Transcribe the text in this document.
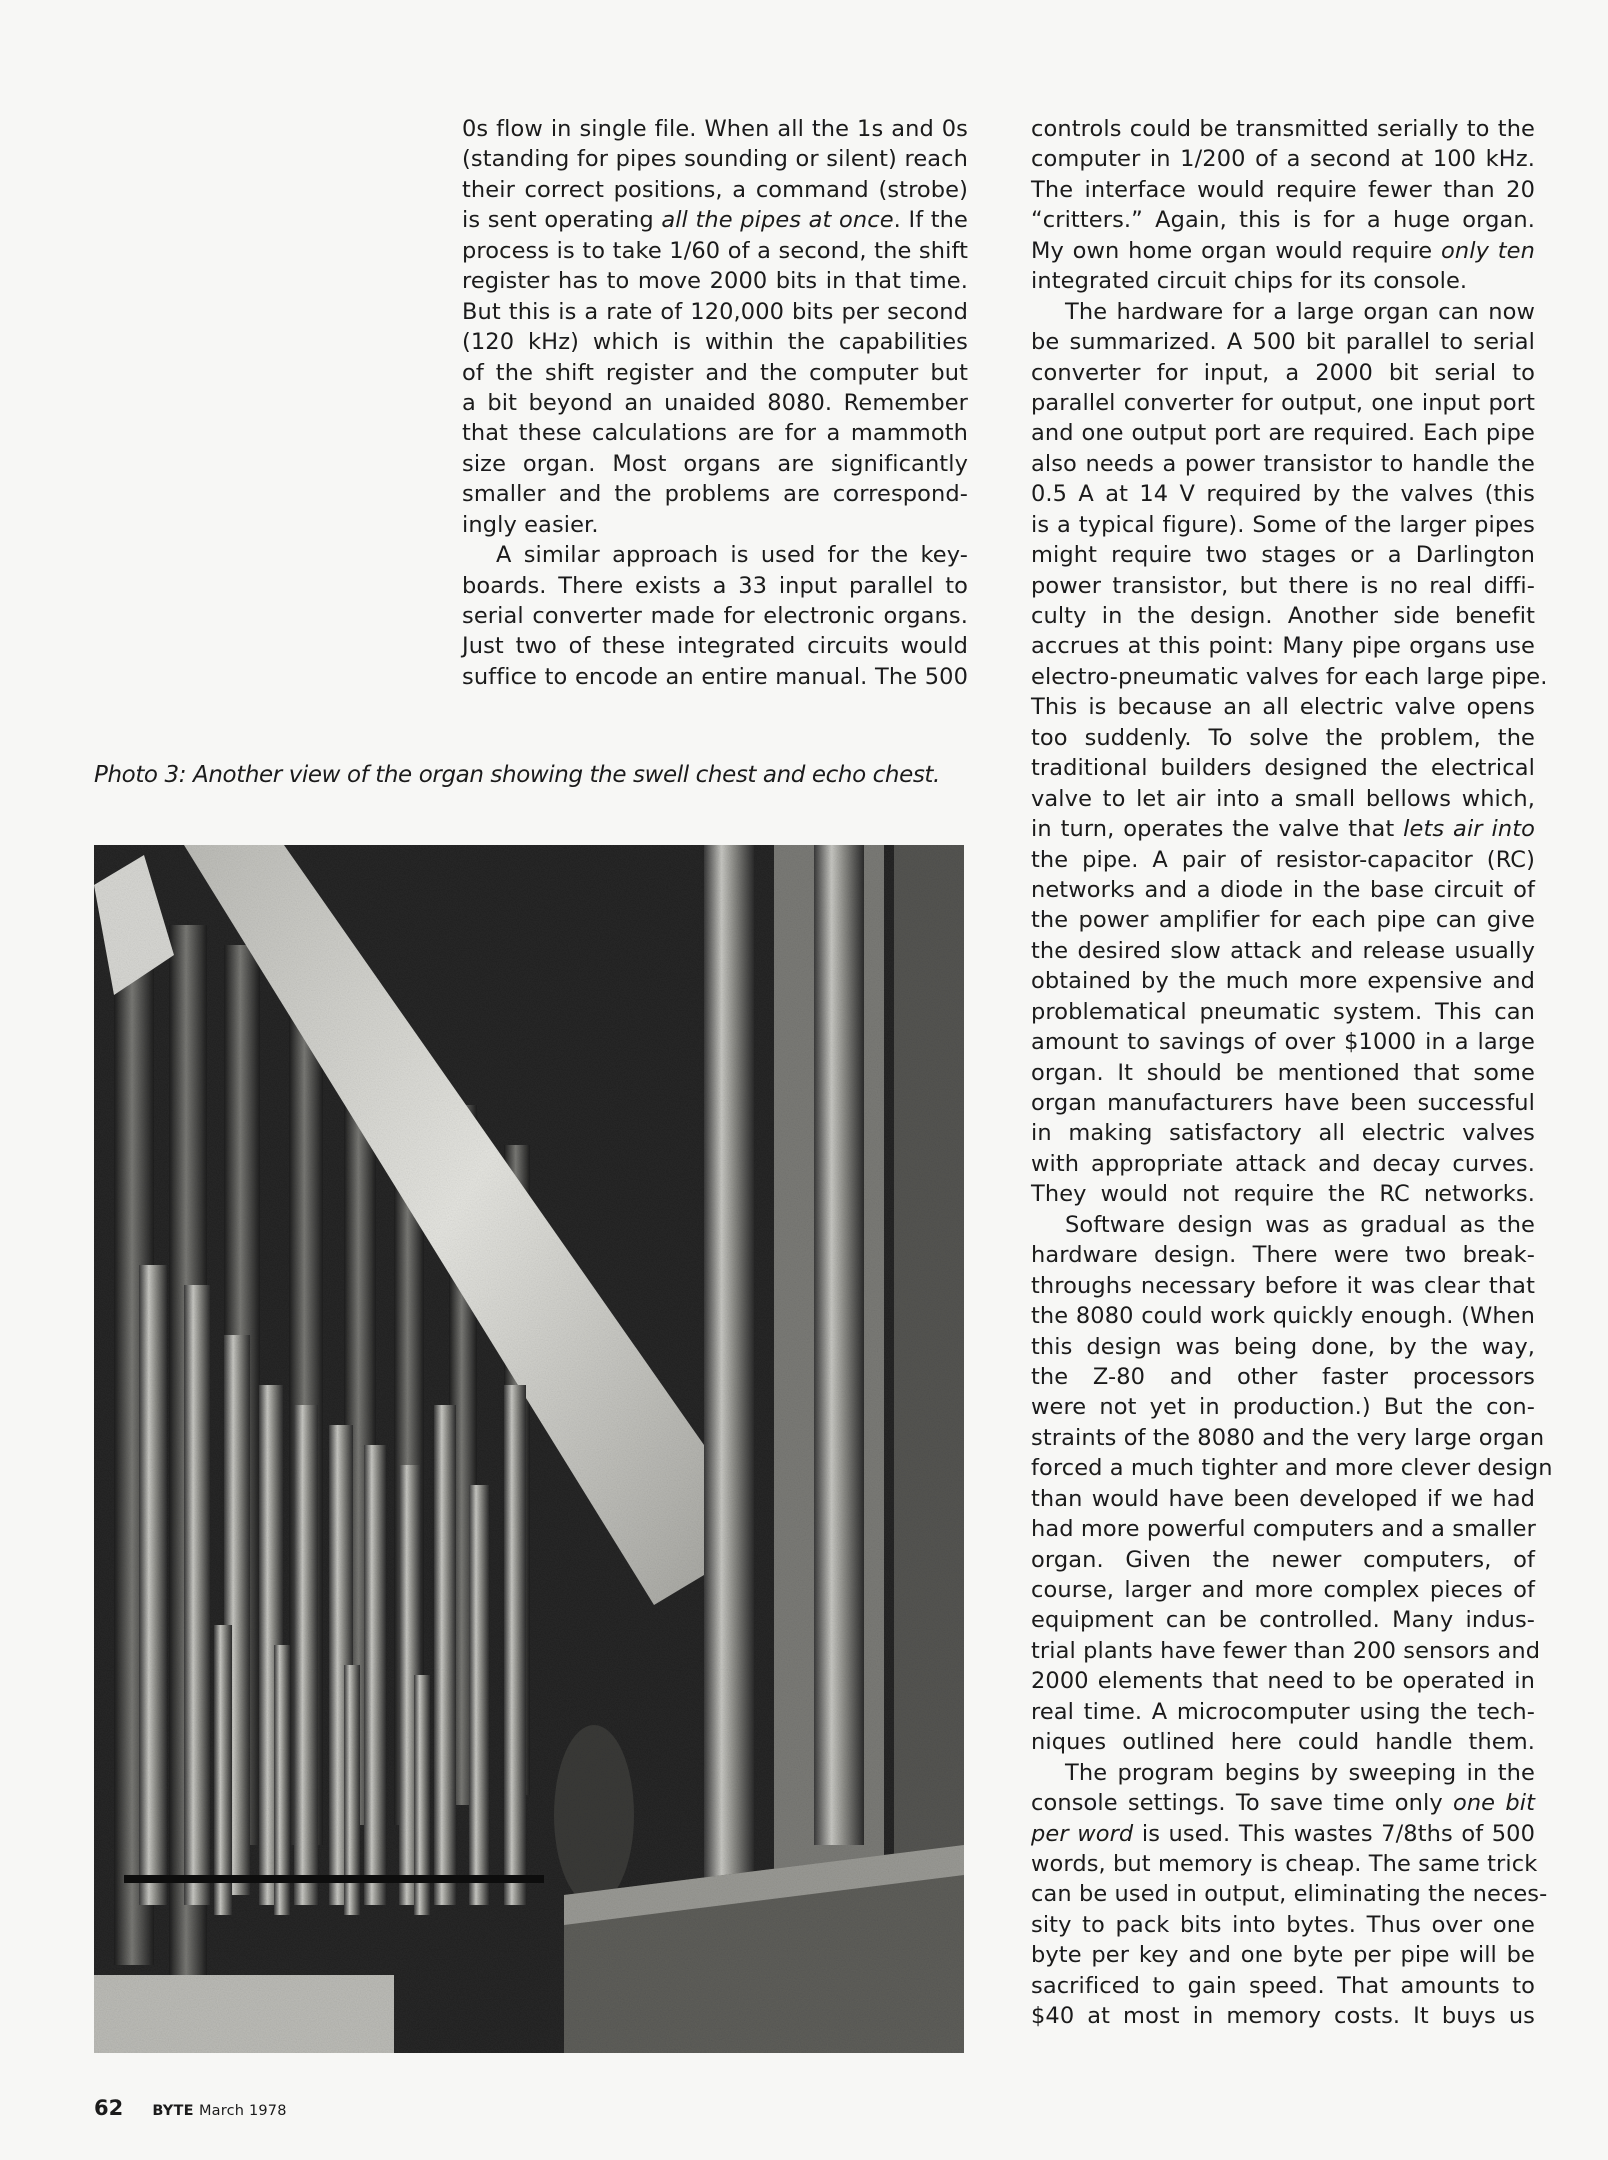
0s flow in single file. When all the 1s and 0s
(standing for pipes sounding or silent) reach
their correct positions, a command (strobe)
is sent operating all the pipes at once. If the
process is to take 1/60 of a second, the shift
register has to move 2000 bits in that time.
But this is a rate of 120,000 bits per second
(120 kHz) which is within the capabilities
of the shift register and the computer but
a bit beyond an unaided 8080. Remember
that these calculations are for a mammoth
size organ. Most organs are significantly
smaller and the problems are correspond-
ingly easier.
A similar approach is used for the key-
boards. There exists a 33 input parallel to
serial converter made for electronic organs.
Just two of these integrated circuits would
suffice to encode an entire manual. The 500
Photo 3: Another view of the organ showing the swell chest and echo chest.
controls could be transmitted serially to the
computer in 1/200 of a second at 100 kHz.
The interface would require fewer than 20
“critters.” Again, this is for a huge organ.
My own home organ would require only ten
integrated circuit chips for its console.
The hardware for a large organ can now
be summarized. A 500 bit parallel to serial
converter for input, a 2000 bit serial to
parallel converter for output, one input port
and one output port are required. Each pipe
also needs a power transistor to handle the
0.5 A at 14 V required by the valves (this
is a typical figure). Some of the larger pipes
might require two stages or a Darlington
power transistor, but there is no real diffi-
culty in the design. Another side benefit
accrues at this point: Many pipe organs use
electro-pneumatic valves for each large pipe.
This is because an all electric valve opens
too suddenly. To solve the problem, the
traditional builders designed the electrical
valve to let air into a small bellows which,
in turn, operates the valve that lets air into
the pipe. A pair of resistor-capacitor (RC)
networks and a diode in the base circuit of
the power amplifier for each pipe can give
the desired slow attack and release usually
obtained by the much more expensive and
problematical pneumatic system. This can
amount to savings of over $1000 in a large
organ. It should be mentioned that some
organ manufacturers have been successful
in making satisfactory all electric valves
with appropriate attack and decay curves.
They would not require the RC networks.
Software design was as gradual as the
hardware design. There were two break-
throughs necessary before it was clear that
the 8080 could work quickly enough. (When
this design was being done, by the way,
the Z-80 and other faster processors
were not yet in production.) But the con-
straints of the 8080 and the very large organ
forced a much tighter and more clever design
than would have been developed if we had
had more powerful computers and a smaller
organ. Given the newer computers, of
course, larger and more complex pieces of
equipment can be controlled. Many indus-
trial plants have fewer than 200 sensors and
2000 elements that need to be operated in
real time. A microcomputer using the tech-
niques outlined here could handle them.
The program begins by sweeping in the
console settings. To save time only one bit
per word is used. This wastes 7/8ths of 500
words, but memory is cheap. The same trick
can be used in output, eliminating the neces-
sity to pack bits into bytes. Thus over one
byte per key and one byte per pipe will be
sacrificed to gain speed. That amounts to
$40 at most in memory costs. It buys us
62 BYTE March 1978
